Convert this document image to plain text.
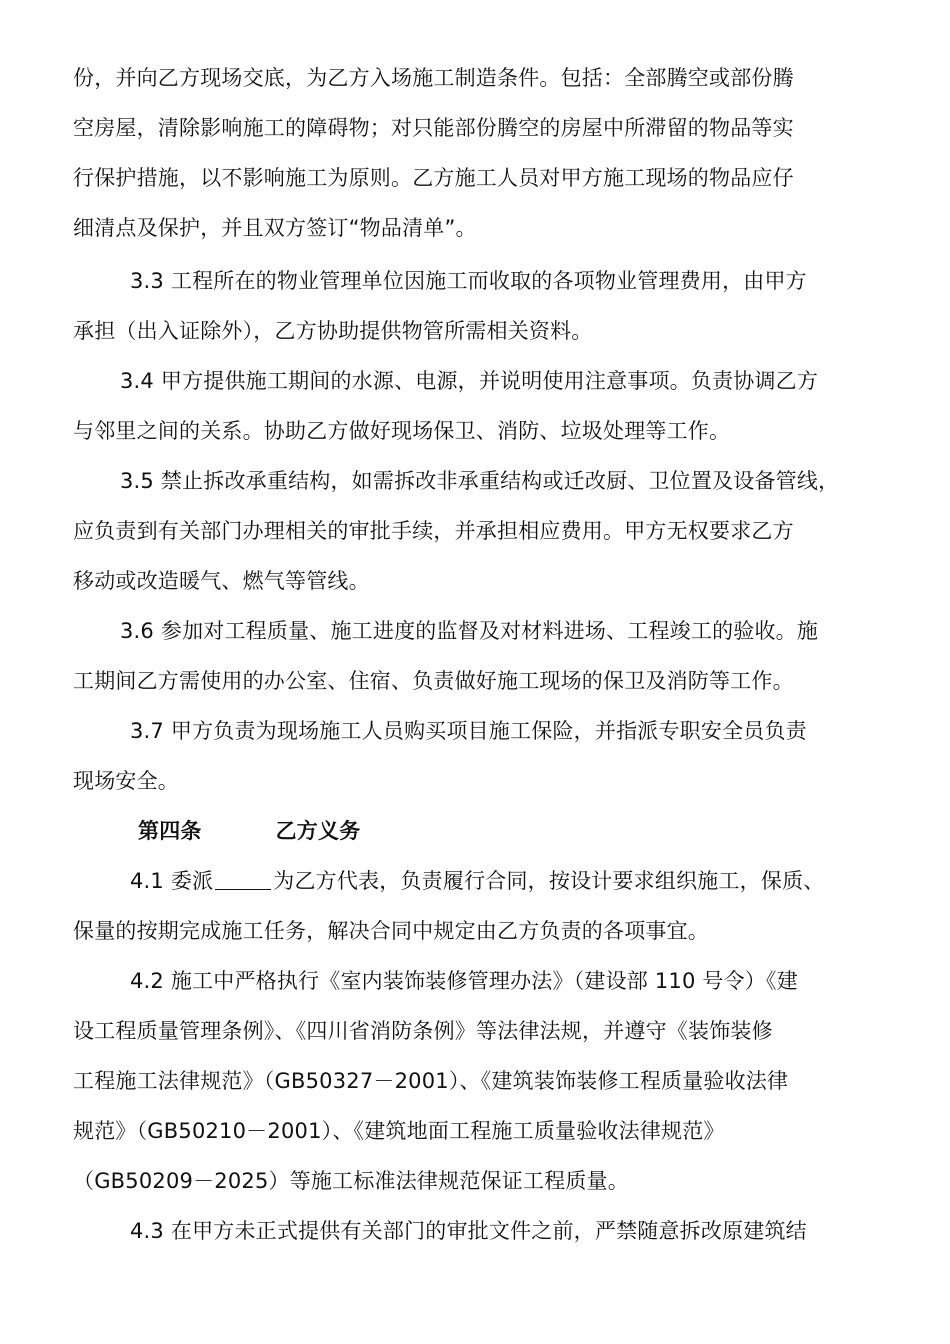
份，并向乙方现场交底，为乙方入场施工制造条件。包括：全部腾空或部份腾
空房屋，清除影响施工的障碍物；对只能部份腾空的房屋中所滞留的物品等实
行保护措施，以不影响施工为原则。乙方施工人员对甲方施工现场的物品应仔
细清点及保护，并且双方签订“物品清单”。
3.3 工程所在的物业管理单位因施工而收取的各项物业管理费用，由甲方
承担（出入证除外），乙方协助提供物管所需相关资料。
3.4 甲方提供施工期间的水源、电源，并说明使用注意事项。负责协调乙方
与邻里之间的关系。协助乙方做好现场保卫、消防、垃圾处理等工作。
3.5 禁止拆改承重结构，如需拆改非承重结构或迁改厨、卫位置及设备管线，
应负责到有关部门办理相关的审批手续，并承担相应费用。甲方无权要求乙方
移动或改造暖气、燃气等管线。
3.6 参加对工程质量、施工进度的监督及对材料进场、工程竣工的验收。施
工期间乙方需使用的办公室、住宿、负责做好施工现场的保卫及消防等工作。
3.7 甲方负责为现场施工人员购买项目施工保险，并指派专职安全员负责
现场安全。
第四条	乙方义务
4.1 委派	为乙方代表，负责履行合同，按设计要求组织施工，保质、
保量的按期完成施工任务，解决合同中规定由乙方负责的各项事宜。
4.2 施工中严格执行《室内装饰装修管理办法》（建设部 110 号令）《建
设工程质量管理条例》、《四川省消防条例》等法律法规，并遵守《装饰装修
工程施工法律规范》（GB50327－2001）、《建筑装饰装修工程质量验收法律
规范》（GB50210－2001）、《建筑地面工程施工质量验收法律规范》
（GB50209－2025）等施工标准法律规范保证工程质量。
4.3 在甲方未正式提供有关部门的审批文件之前，严禁随意拆改原建筑结
